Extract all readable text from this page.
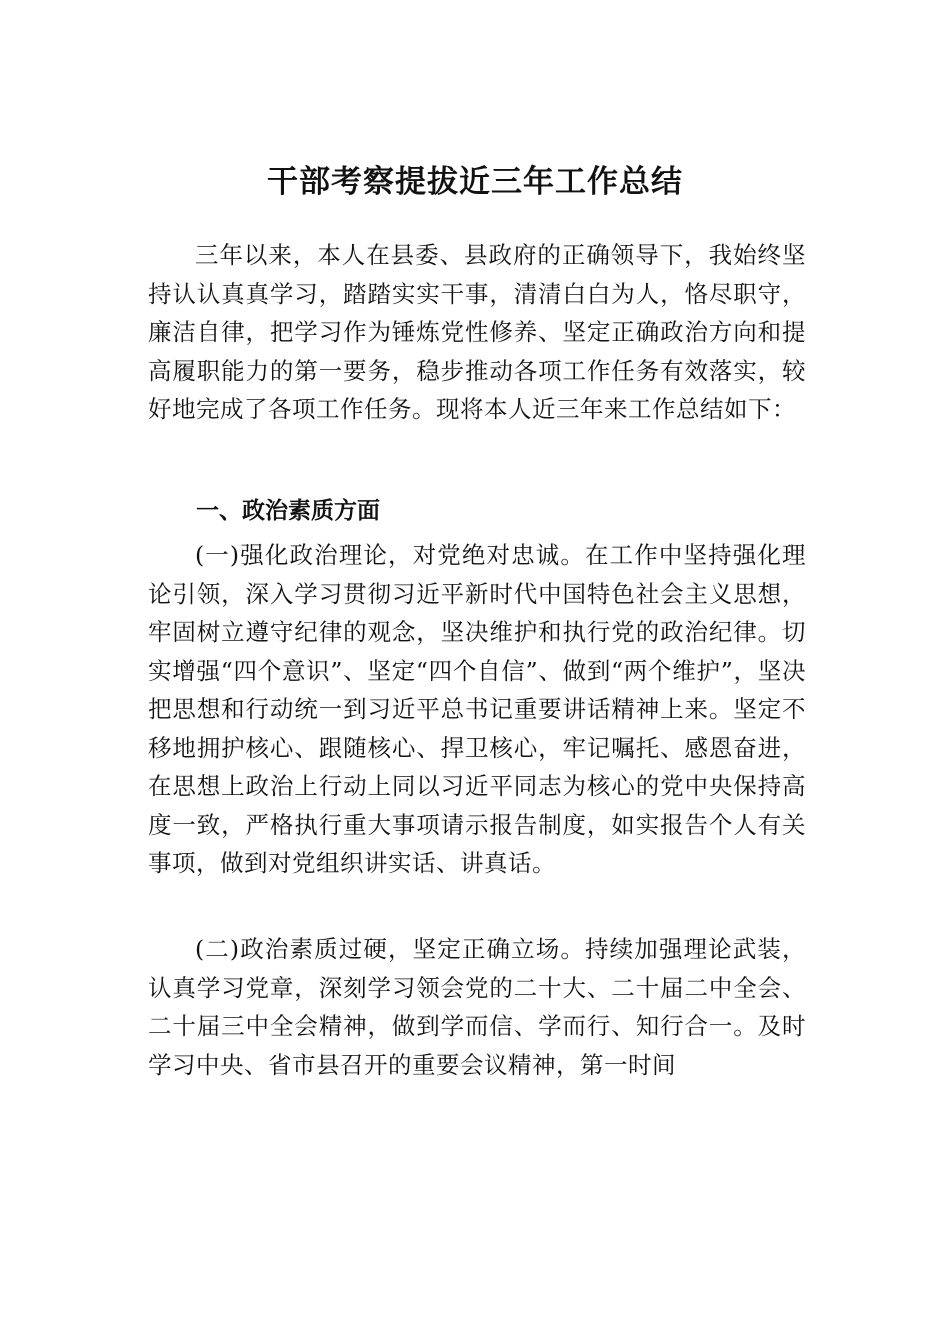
干部考察提拔近三年工作总结

三年以来，本人在县委、县政府的正确领导下，我始终坚持认认真真学习，踏踏实实干事，清清白白为人，恪尽职守，廉洁自律，把学习作为锤炼党性修养、坚定正确政治方向和提高履职能力的第一要务，稳步推动各项工作任务有效落实，较好地完成了各项工作任务。现将本人近三年来工作总结如下：

一、政治素质方面

(一)强化政治理论，对党绝对忠诚。在工作中坚持强化理论引领，深入学习贯彻习近平新时代中国特色社会主义思想，牢固树立遵守纪律的观念，坚决维护和执行党的政治纪律。切实增强“四个意识”、坚定“四个自信”、做到“两个维护”，坚决把思想和行动统一到习近平总书记重要讲话精神上来。坚定不移地拥护核心、跟随核心、捍卫核心，牢记嘱托、感恩奋进，在思想上政治上行动上同以习近平同志为核心的党中央保持高度一致，严格执行重大事项请示报告制度，如实报告个人有关事项，做到对党组织讲实话、讲真话。

(二)政治素质过硬，坚定正确立场。持续加强理论武装，认真学习党章，深刻学习领会党的二十大、二十届二中全会、二十届三中全会精神，做到学而信、学而行、知行合一。及时学习中央、省市县召开的重要会议精神，第一时间
